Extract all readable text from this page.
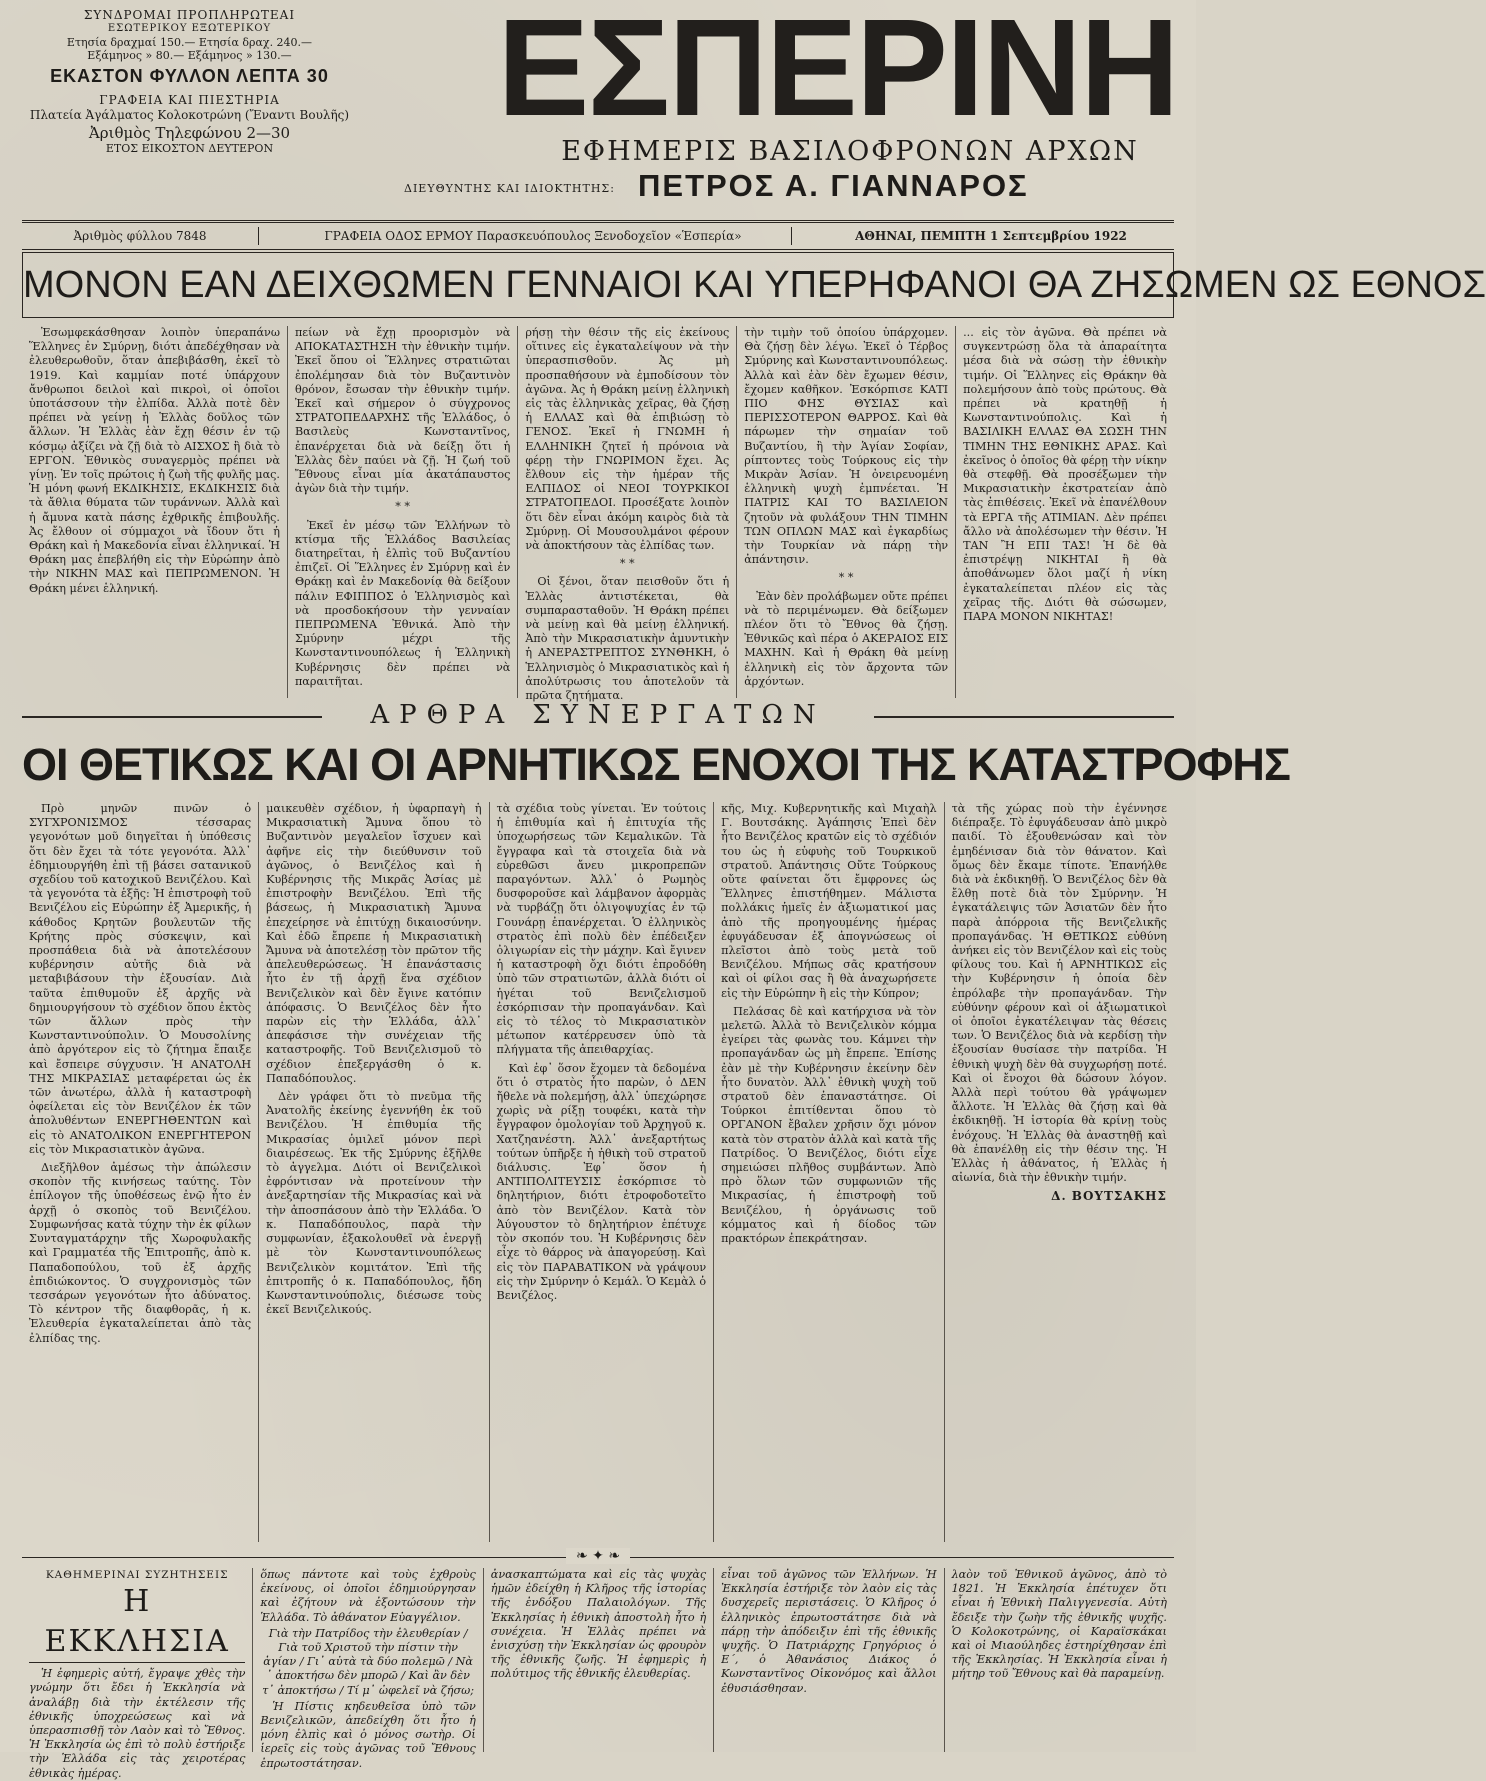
ΣΥΝΔΡΟΜΑΙ ΠΡΟΠΛΗΡΩΤΕΑΙ
ΕΣΩΤΕΡΙΚΟΥ ΕΞΩΤΕΡΙΚΟΥ
Ετησία δραχμαί 150.— Ετησία δραχ. 240.—
Εξάμηνος » 80.— Εξάμηνος » 130.—
ΕΚΑΣΤΟΝ ΦΥΛΛΟΝ ΛΕΠΤΑ 30
ΓΡΑΦΕΙΑ ΚΑΙ ΠΙΕΣΤΗΡΙΑ
Πλατεία Ἀγάλματος Κολοκοτρώνη (Ἔναντι Βουλῆς)
Ἀριθμὸς Τηλεφώνου 2—30
ΕΤΟΣ ΕΙΚΟΣΤΟΝ ΔΕΥΤΕΡΟΝ
ΕΣΠΕΡΙΝΗ
ΕΦΗΜΕΡΙΣ ΒΑΣΙΛΟΦΡΟΝΩΝ ΑΡΧΩΝ
ΔΙΕΥΘΥΝΤΗΣ ΚΑΙ ΙΔΙΟΚΤΗΤΗΣ: ΠΕΤΡΟΣ Α. ΓΙΑΝΝΑΡΟΣ
Ἀριθμὸς φύλλου 7848	ΓΡΑΦΕΙΑ ΟΔΟΣ ΕΡΜΟΥ Παρασκευόπουλος Ξενοδοχεῖον «Ἑσπερία»	ΑΘΗΝΑΙ, ΠΕΜΠΤΗ 1 Σεπτεμβρίου 1922
ΜΟΝΟΝ ΕΑΝ ΔΕΙΧΘΩΜΕΝ ΓΕΝΝΑΙΟΙ ΚΑΙ ΥΠΕΡΗΦΑΝΟΙ ΘΑ ΖΗΣΩΜΕΝ ΩΣ ΕΘΝΟΣ

Ἐσωμφεκάσθησαν λοιπὸν ὑπεραπάνω Ἕλληνες ἐν Σμύρνῃ, διότι ἀπεδέχθησαν νὰ ἐλευθερωθοῦν, ὅταν ἀπεβιβάσθη, ἐκεῖ τὸ 1919. Καὶ καμμίαν ποτέ ὑπάρχουν ἄνθρωποι δειλοὶ καὶ πικροὶ, οἱ ὁποῖοι ὑποτάσσουν τὴν ἐλπίδα. Ἀλλὰ ποτὲ δὲν πρέπει νὰ γείνῃ ἡ Ἑλλὰς δοῦλος τῶν ἄλλων. Ἡ Ἑλλὰς ἐὰν ἔχῃ θέσιν ἐν τῷ κόσμῳ ἀξίζει νὰ ζῇ διὰ τὸ ΑΙΣΧΟΣ ἢ διὰ τὸ ΕΡΓΟΝ. Ἐθνικὸς συναγερμὸς πρέπει νὰ γίνῃ. Ἐν τοῖς πρώτοις ἡ ζωὴ τῆς φυλῆς μας. Ἡ μόνη φωνή ΕΚΔΙΚΗΣΙΣ, ΕΚΔΙΚΗΣΙΣ διὰ τὰ ἄθλια θύματα τῶν τυράννων. Ἀλλὰ καὶ ἡ ἄμυνα κατὰ πάσης ἐχθρικῆς ἐπιβουλῆς. Ἀς ἔλθουν οἱ σύμμαχοι νὰ ἴδουν ὅτι ἡ Θράκη καὶ ἡ Μακεδονία εἶναι ἑλληνικαί. Ἡ Θράκη μας ἐπεβλήθη εἰς τὴν Εὐρώπην ἀπὸ τὴν ΝΙΚΗΝ ΜΑΣ καὶ ΠΕΠΡΩΜΕΝΟΝ. Ἡ Θράκη μένει ἑλληνική.

πείων νὰ ἔχῃ προορισμὸν νὰ ΑΠΟΚΑΤΑΣΤΗΣΗ τὴν ἐθνικὴν τιμήν. Ἐκεῖ ὅπου οἱ Ἕλληνες στρατιῶται ἐπολέμησαν διὰ τὸν Βυζαντινὸν θρόνον, ἔσωσαν τὴν ἐθνικὴν τιμήν. Ἐκεῖ καὶ σήμερον ὁ σύγχρονος ΣΤΡΑΤΟΠΕΔΑΡΧΗΣ τῆς Ἑλλάδος, ὁ Βασιλεὺς Κωνσταντῖνος, ἐπανέρχεται διὰ νὰ δείξῃ ὅτι ἡ Ἑλλὰς δὲν παύει νὰ ζῇ. Ἡ ζωή τοῦ Ἔθνους εἶναι μία ἀκατάπαυστος ἀγὼν διὰ τὴν τιμήν.

* *

Ἐκεῖ ἐν μέσῳ τῶν Ἑλλήνων τὸ κτίσμα τῆς Ἑλλάδος Βασιλείας διατηρεῖται, ἡ ἐλπὶς τοῦ Βυζαντίου ἐπιζεῖ. Οἱ Ἕλληνες ἐν Σμύρνῃ καὶ ἐν Θράκῃ καὶ ἐν Μακεδονίᾳ θὰ δείξουν πάλιν ΕΦΙΠΠΟΣ ὁ Ἑλληνισμὸς καὶ νὰ προσδοκήσουν τὴν γενναίαν ΠΕΠΡΩΜΕΝΑ Ἐθνικά. Ἀπὸ τὴν Σμύρνην μέχρι τῆς Κωνσταντινουπόλεως ἡ Ἑλληνικὴ Κυβέρνησις δὲν πρέπει νὰ παραιτῆται.

ρήσῃ τὴν θέσιν τῆς εἰς ἐκείνους οἵτινες εἰς ἐγκαταλείψουν νὰ τὴν ὑπερασπισθοῦν. Ἀς μὴ προσπαθήσουν νὰ ἐμποδίσουν τὸν ἀγῶνα. Ἀς ἡ Θράκη μείνῃ ἑλληνικὴ εἰς τὰς ἑλληνικὰς χεῖρας, θὰ ζήσῃ ἡ ΕΛΛΑΣ καὶ θὰ ἐπιβιώσῃ τὸ ΓΕΝΟΣ. Ἐκεῖ ἡ ΓΝΩΜΗ ἡ ΕΛΛΗΝΙΚΗ ζητεῖ ἡ πρόνοια νὰ φέρῃ τὴν ΓΝΩΡΙΜΟΝ ἔχει. Ἀς ἔλθουν εἰς τὴν ἡμέραν τῆς ΕΛΠΙΔΟΣ οἱ ΝΕΟΙ ΤΟΥΡΚΙΚΟΙ ΣΤΡΑΤΟΠΕΔΟΙ. Προσέξατε λοιπὸν ὅτι δὲν εἶναι ἀκόμη καιρὸς διὰ τὰ Σμύρνῃ. Οἱ Μουσουλμάνοι φέρουν νὰ ἀποκτήσουν τὰς ἐλπίδας των.

* *

Οἱ ξένοι, ὅταν πεισθοῦν ὅτι ἡ Ἑλλὰς ἀντιστέκεται, θὰ συμπαρασταθοῦν. Ἡ Θράκη πρέπει νὰ μείνῃ καὶ θὰ μείνῃ ἑλληνική. Ἀπὸ τὴν Μικρασιατικὴν ἀμυντικὴν ἡ ΑΝΕΡΑΣΤΡΕΠΤΟΣ ΣΥΝΘΗΚΗ, ὁ Ἑλληνισμὸς ὁ Μικρασιατικὸς καὶ ἡ ἀπολύτρωσις του ἀποτελοῦν τὰ πρῶτα ζητήματα.

τὴν τιμὴν τοῦ ὁποίου ὑπάρχομεν. Θὰ ζήσῃ δὲν λέγω. Ἐκεῖ ὁ Τέρβος Σμύρνης καὶ Κωνσταντινουπόλεως. Ἀλλὰ καὶ ἐὰν δὲν ἔχωμεν θέσιν, ἔχομεν καθῆκον. Ἐσκόρπισε ΚΑΤΙ ΠΙΟ ΦΗΣ ΘΥΣΙΑΣ καὶ ΠΕΡΙΣΣΟΤΕΡΟΝ ΘΑΡΡΟΣ. Καὶ θὰ πάρωμεν τὴν σημαίαν τοῦ Βυζαντίου, ἢ τὴν Ἁγίαν Σοφίαν, ρίπτοντες τοὺς Τούρκους εἰς τὴν Μικρὰν Ἀσίαν. Ἡ ὀνειρευομένη ἑλληνικὴ ψυχὴ ἐμπνέεται. Ἡ ΠΑΤΡΙΣ ΚΑΙ ΤΟ ΒΑΣΙΛΕΙΟΝ ζητοῦν νὰ φυλάξουν ΤΗΝ ΤΙΜΗΝ ΤΩΝ ΟΠΛΩΝ ΜΑΣ καὶ ἐγκαρδίως τὴν Τουρκίαν νὰ πάρῃ τὴν ἀπάντησιν.

* *

Ἐὰν δὲν προλάβωμεν οὔτε πρέπει νὰ τὸ περιμένωμεν. Θὰ δείξωμεν πλέον ὅτι τὸ Ἔθνος θὰ ζήσῃ. Ἐθνικῶς καὶ πέρα ὁ ΑΚΕΡΑΙΟΣ ΕΙΣ ΜΑΧΗΝ. Καὶ ἡ Θράκη θὰ μείνῃ ἑλληνικὴ εἰς τὸν ἄρχοντα τῶν ἀρχόντων.

... εἰς τὸν ἀγῶνα. Θὰ πρέπει νὰ συγκεντρώσῃ ὅλα τὰ ἀπαραίτητα μέσα διὰ νὰ σώσῃ τὴν ἐθνικὴν τιμήν. Οἱ Ἕλληνες εἰς Θράκην θὰ πολεμήσουν ἀπὸ τοὺς πρώτους. Θὰ πρέπει νὰ κρατηθῇ ἡ Κωνσταντινούπολις. Καὶ ἡ ΒΑΣΙΛΙΚΗ ΕΛΛΑΣ ΘΑ ΣΩΣΗ ΤΗΝ ΤΙΜΗΝ ΤΗΣ ΕΘΝΙΚΗΣ ΑΡΑΣ. Καὶ ἐκεῖνος ὁ ὁποῖος θὰ φέρῃ τὴν νίκην θὰ στεφθῇ. Θὰ προσέξωμεν τὴν Μικρασιατικὴν ἐκστρατείαν ἀπὸ τὰς ἐπιθέσεις. Ἐκεῖ νὰ ἐπανέλθουν τὰ ΕΡΓΑ τῆς ΑΤΙΜΙΑΝ. Δὲν πρέπει ἄλλο νὰ ἀπολέσωμεν τὴν θέσιν. Ἡ ΤΑΝ Ἢ ΕΠΙ ΤΑΣ! Ἡ δὲ θὰ ἐπιστρέψῃ ΝΙΚΗΤΑΙ ἢ θὰ ἀποθάνωμεν ὅλοι μαζί ἡ νίκη ἐγκαταλείπεται πλέον εἰς τὰς χεῖρας τῆς. Διότι θὰ σώσωμεν, ΠΑΡΑ ΜΟΝΟΝ ΝΙΚΗΤΑΣ!

ΑΡΘΡΑ ΣΥΝΕΡΓΑΤΩΝ
ΟΙ ΘΕΤΙΚΩΣ ΚΑΙ ΟΙ ΑΡΝΗΤΙΚΩΣ ΕΝΟΧΟΙ ΤΗΣ ΚΑΤΑΣΤΡΟΦΗΣ

Πρὸ μηνῶν πινῶν ὁ ΣΥΓΧΡΟΝΙΣΜΟΣ τέσσαρας γεγονότων μοῦ διηγεῖται ἡ ὑπόθεσις ὅτι δὲν ἔχει τὰ τότε γεγονότα. Ἀλλ᾽ ἐδημιουργήθη ἐπὶ τῇ βάσει σατανικοῦ σχεδίου τοῦ κατοχικοῦ Βενιζέλου. Καὶ τὰ γεγονότα τὰ ἑξῆς: Ἡ ἐπιστροφὴ τοῦ Βενιζέλου εἰς Εὐρώπην ἐξ Ἀμερικῆς, ἡ κάθοδος Κρητῶν βουλευτῶν τῆς Κρήτης πρὸς σύσκεψιν, καὶ προσπάθεια διὰ νὰ ἀποτελέσουν κυβέρνησιν αὐτῆς διὰ νὰ μεταβιβάσουν τὴν ἐξουσίαν. Διὰ ταῦτα ἐπιθυμοῦν ἐξ ἀρχῆς νὰ δημιουργήσουν τὸ σχέδιον ὅπου ἐκτὸς τῶν ἄλλων πρὸς τὴν Κωνσταντινούπολιν. Ὁ Μουσολίνης ἀπὸ ἀργότερον εἰς τὸ ζήτημα ἔπαιξε καὶ ἔσπειρε σύγχυσιν. Ἡ ΑΝΑΤΟΛΗ ΤΗΣ ΜΙΚΡΑΣΙΑΣ μεταφέρεται ὡς ἐκ τῶν ἀνωτέρω, ἀλλὰ ἡ καταστροφὴ ὀφείλεται εἰς τὸν Βενιζέλον ἐκ τῶν ἀπολυθέντων ΕΝΕΡΓΗΘΕΝΤΩΝ καὶ εἰς τὸ ΑΝΑΤΟΛΙΚΟΝ ΕΝΕΡΓΗΤΕΡΟΝ εἰς τὸν Μικρασιατικὸν ἀγῶνα.

Διεξῆλθον ἀμέσως τὴν ἀπώλεσιν σκοπὸν τῆς κινήσεως ταύτης. Τὸν ἐπίλογον τῆς ὑποθέσεως ἐνῷ ἦτο ἐν ἀρχῇ ὁ σκοπὸς τοῦ Βενιζέλου. Συμφωνήσας κατὰ τύχην τὴν ἐκ φίλων Συνταγματάρχην τῆς Χωροφυλακῆς καὶ Γραμματέα τῆς Ἐπιτροπῆς, ἀπὸ κ. Παπαδοπούλου, τοῦ ἐξ ἀρχῆς ἐπιδιώκοντος. Ὁ συγχρονισμὸς τῶν τεσσάρων γεγονότων ἦτο ἀδύνατος. Τὸ κέντρον τῆς διαφθορᾶς, ἡ κ. Ἐλευθερία ἐγκαταλείπεται ἀπὸ τὰς ἐλπίδας της.

μαικευθὲν σχέδιον, ἡ ὑφαρπαγὴ ἡ Μικρασιατικὴ Ἄμυνα ὅπου τὸ Βυζαντινὸν μεγαλεῖον ἴσχυεν καὶ ἀφῆνε εἰς τὴν διεύθυνσιν τοῦ ἀγῶνος, ὁ Βενιζέλος καὶ ἡ Κυβέρνησις τῆς Μικρᾶς Ἀσίας μὲ ἐπιστροφὴν Βενιζέλου. Ἐπὶ τῆς βάσεως, ἡ Μικρασιατικὴ Ἄμυνα ἐπεχείρησε νὰ ἐπιτύχῃ δικαιοσύνην. Καὶ ἐδῶ ἔπρεπε ἡ Μικρασιατικὴ Ἄμυνα νὰ ἀποτελέσῃ τὸν πρῶτον τῆς ἀπελευθερώσεως. Ἡ ἐπανάστασις ἦτο ἐν τῇ ἀρχῇ ἕνα σχέδιον Βενιζελικὸν καὶ δὲν ἔγινε κατόπιν ἀπόφασις. Ὁ Βενιζέλος δὲν ἦτο παρὼν εἰς τὴν Ἑλλάδα, ἀλλ᾽ ἀπεφάσισε τὴν συνέχειαν τῆς καταστροφῆς. Τοῦ Βενιζελισμοῦ τὸ σχέδιον ἐπεξεργάσθη ὁ κ. Παπαδόπουλος.

Δὲν γράφει ὅτι τὸ πνεῦμα τῆς Ἀνατολῆς ἐκείνης ἐγεννήθη ἐκ τοῦ Βενιζέλου. Ἡ ἐπιθυμία τῆς Μικρασίας ὁμιλεῖ μόνον περὶ διαιρέσεως. Ἐκ τῆς Σμύρνης ἐξῆλθε τὸ ἀγγελμα. Διότι οἱ Βενιζελικοὶ ἐφρόντισαν νὰ προτείνουν τὴν ἀνεξαρτησίαν τῆς Μικρασίας καὶ νὰ τὴν ἀποσπάσουν ἀπὸ τὴν Ἑλλάδα. Ὁ κ. Παπαδόπουλος, παρὰ τὴν συμφωνίαν, ἐξακολουθεῖ νὰ ἐνεργῇ μὲ τὸν Κωνσταντινουπόλεως Βενιζελικὸν κομιτάτον. Ἐπὶ τῆς ἐπιτροπῆς ὁ κ. Παπαδόπουλος, ἤδη Κωνσταντινούπολις, διέσωσε τοὺς ἐκεῖ Βενιζελικούς.

τὰ σχέδια τοὺς γίνεται. Ἐν τούτοις ἡ ἐπιθυμία καὶ ἡ ἐπιτυχία τῆς ὑποχωρήσεως τῶν Κεμαλικῶν. Τὰ ἔγγραφα καὶ τὰ στοιχεῖα διὰ νὰ εὑρεθῶσι ἄνευ μικροπρεπῶν παραγόντων. Ἀλλ᾽ ὁ Ρωμηὸς δυσφοροῦσε καὶ λάμβανον ἀφορμὰς νὰ τυρβάζῃ ὅτι ὀλιγοψυχίας ἐν τῷ Γουνάρῃ ἐπανέρχεται. Ὁ ἐλληνικὸς στρατὸς ἐπὶ πολὺ δὲν ἐπέδειξεν ὀλιγωρίαν εἰς τὴν μάχην. Καὶ ἔγινεν ἡ καταστροφὴ ὄχι διότι ἐπροδόθη ὑπὸ τῶν στρατιωτῶν, ἀλλὰ διότι οἱ ἡγέται τοῦ Βενιζελισμοῦ ἐσκόρπισαν τὴν προπαγάνδαν. Καὶ εἰς τὸ τέλος τὸ Μικρασιατικὸν μέτωπον κατέρρευσεν ὑπὸ τὰ πλήγματα τῆς ἀπειθαρχίας.

Καὶ ἐφ᾽ ὅσον ἔχομεν τὰ δεδομένα ὅτι ὁ στρατὸς ἦτο παρὼν, ὁ ΔΕΝ ἤθελε νὰ πολεμήσῃ, ἀλλ᾽ ὑπεχώρησε χωρὶς νὰ ρίξῃ τουφέκι, κατὰ τὴν ἔγγραφον ὁμολογίαν τοῦ Ἀρχηγοῦ κ. Χατζηανέστη. Ἀλλ᾽ ἀνεξαρτήτως τούτων ὑπῆρξε ἡ ἠθικὴ τοῦ στρατοῦ διάλυσις. Ἐφ᾽ ὅσον ἡ ΑΝΤΙΠΟΛΙΤΕΥΣΙΣ ἐσκόρπισε τὸ δηλητήριον, διότι ἐτροφοδοτεῖτο ἀπὸ τὸν Βενιζέλον. Κατὰ τὸν Ἀύγουστον τὸ δηλητήριον ἐπέτυχε τὸν σκοπόν του. Ἡ Κυβέρνησις δὲν εἶχε τὸ θάρρος νὰ ἀπαγορεύσῃ. Καὶ εἰς τὸν ΠΑΡΑΒΑΤΙΚΟΝ νὰ γράψουν εἰς τὴν Σμύρνην ὁ Κεμάλ. Ὁ Κεμὰλ ὁ Βενιζέλος.

κῆς, Μιχ. Κυβερνητικῆς καὶ Μιχαὴλ Γ. Βουτσάκης. Ἀγάπησις Ἐπεὶ δὲν ἦτο Βενιζέλος κρατῶν εἰς τὸ σχέδιόν του ὡς ἡ εὐφυὴς τοῦ Τουρκικοῦ στρατοῦ. Ἀπάντησις Οὔτε Τούρκους οὔτε φαίνεται ὅτι ἔμφρονες ὡς Ἕλληνες ἐπιστήθημεν. Μάλιστα πολλάκις ἡμεῖς ἐν ἀξιωματικοί μας ἀπὸ τῆς προηγουμένης ἡμέρας ἐφυγάδευσαν ἐξ ἀπογνώσεως οἱ πλεῖστοι ἀπὸ τοὺς μετὰ τοῦ Βενιζέλου. Μήπως σᾶς κρατήσουν καὶ οἱ φίλοι σας ἢ θὰ ἀναχωρήσετε εἰς τὴν Εὐρώπην ἢ εἰς τὴν Κύπρον;

Πελάσας δὲ καὶ κατήρχισα νὰ τὸν μελετῶ. Ἀλλὰ τὸ Βενιζελικὸν κόμμα ἐγείρει τὰς φωνὰς του. Κάμνει τὴν προπαγάνδαν ὡς μὴ ἔπρεπε. Ἐπίσης ἐὰν μὲ τὴν Κυβέρνησιν ἐκείνην δὲν ἦτο δυνατὸν. Ἀλλ᾽ ἐθνικὴ ψυχὴ τοῦ στρατοῦ δὲν ἐπαναστάτησε. Οἱ Τούρκοι ἐπιτίθενται ὅπου τὸ ΟΡΓΑΝΟΝ ἔβαλεν χρῆσιν ὅχι μόνον κατὰ τὸν στρατὸν ἀλλὰ καὶ κατὰ τῆς Πατρίδος. Ὁ Βενιζέλος, διότι εἶχε σημειώσει πλῆθος συμβάντων. Ἀπὸ πρὸ ὅλων τῶν συμφωνιῶν τῆς Μικρασίας, ἡ ἐπιστροφὴ τοῦ Βενιζέλου, ἡ ὀργάνωσις τοῦ κόμματος καὶ ἡ δίοδος τῶν πρακτόρων ἐπεκράτησαν.

τὰ τῆς χώρας ποὺ τὴν ἐγέννησε διέπραξε. Τὸ ἐφυγάδευσαν ἀπὸ μικρὸ παιδί. Τὸ ἐξουθενώσαν καὶ τὸν ἐμηδένισαν διὰ τὸν θάνατον. Καὶ ὅμως δὲν ἔκαμε τίποτε. Ἐπανήλθε διὰ νὰ ἐκδικηθῇ. Ὁ Βενιζέλος δὲν θὰ ἔλθῃ ποτὲ διὰ τὸν Σμύρνην. Ἡ ἐγκατάλειψις τῶν Ἀσιατῶν δὲν ἦτο παρὰ ἀπόρροια τῆς Βενιζελικῆς προπαγάνδας. Ἡ ΘΕΤΙΚΩΣ εὐθύνη ἀνήκει εἰς τὸν Βενιζέλον καὶ εἰς τοὺς φίλους του. Καὶ ἡ ΑΡΝΗΤΙΚΩΣ εἰς τὴν Κυβέρνησιν ἡ ὁποία δὲν ἐπρόλαβε τὴν προπαγάνδαν. Τὴν εὐθύνην φέρουν καὶ οἱ ἀξιωματικοὶ οἱ ὁποῖοι ἐγκατέλειψαν τὰς θέσεις των. Ὁ Βενιζέλος διὰ νὰ κερδίσῃ τὴν ἐξουσίαν θυσίασε τὴν πατρίδα. Ἡ ἐθνικὴ ψυχὴ δὲν θὰ συγχωρήσῃ ποτέ. Καὶ οἱ ἔνοχοι θὰ δώσουν λόγον. Ἀλλὰ περὶ τούτου θὰ γράψωμεν ἄλλοτε. Ἡ Ἑλλὰς θὰ ζήσῃ καὶ θὰ ἐκδικηθῇ. Ἡ ἱστορία θὰ κρίνῃ τοὺς ἐνόχους. Ἡ Ἑλλὰς θὰ ἀναστηθῇ καὶ θὰ ἐπανέλθῃ εἰς τὴν θέσιν της. Ἡ Ἑλλὰς ἡ ἀθάνατος, ἡ Ἑλλὰς ἡ αἰωνία, διὰ τὴν ἐθνικὴν τιμήν.

Δ. ΒΟΥΤΣΑΚΗΣ
❧ ✦ ❧
ΚΑΘΗΜΕΡΙΝΑΙ ΣΥΖΗΤΗΣΕΙΣ
Η ΕΚΚΛΗΣΙΑ

Ἡ ἐφημερὶς αὐτή, ἔγραψε χθὲς τὴν γνώμην ὅτι ἔδει ἡ Ἐκκλησία νὰ ἀναλάβῃ διὰ τὴν ἐκτέλεσιν τῆς ἐθνικῆς ὑποχρεώσεως καὶ νὰ ὑπερασπισθῇ τὸν Λαὸν καὶ τὸ Ἔθνος. Ἡ Ἐκκλησία ὡς ἐπὶ τὸ πολὺ ἐστήριξε τὴν Ἑλλάδα εἰς τὰς χειροτέρας ἐθνικὰς ἡμέρας.

ὅπως πάντοτε καὶ τοὺς ἐχθροὺς ἐκείνους, οἱ ὁποῖοι ἐδημιούργησαν καὶ ἐζήτουν νὰ ἐξοντώσουν τὴν Ἑλλάδα. Τὸ ἀθάνατον Εὐαγγέλιον.

Γιὰ τὴν Πατρίδος τὴν ἐλευθερίαν / Γιὰ τοῦ Χριστοῦ τὴν πίστιν τὴν ἁγίαν / Γι᾽ αὐτὰ τὰ δύο πολεμῶ / Νὰ ᾽ ἀποκτήσω δὲν μπορῶ / Καὶ ἂν δὲν τ᾽ ἀποκτήσω / Τί μ᾽ ὠφελεῖ νὰ ζήσω;

Ἡ Πίστις κηδευθεῖσα ὑπὸ τῶν Βενιζελικῶν, ἀπεδείχθη ὅτι ἦτο ἡ μόνη ἐλπὶς καὶ ὁ μόνος σωτὴρ. Οἱ ἱερεῖς εἰς τοὺς ἀγῶνας τοῦ Ἔθνους ἐπρωτοστάτησαν.

ἀνασκαπτώματα καὶ εἰς τὰς ψυχὰς ἡμῶν ἐδείχθη ἡ Κλῆρος τῆς ἱστορίας τῆς ἐνδόξου Παλαιολόγων. Τῆς Ἐκκλησίας ἡ ἐθνικὴ ἀποστολὴ ἦτο ἡ συνέχεια. Ἡ Ἑλλὰς πρέπει νὰ ἐνισχύσῃ τὴν Ἐκκλησίαν ὡς φρουρὸν τῆς ἐθνικῆς ζωῆς. Ἡ ἐφημερὶς ἡ πολύτιμος τῆς ἐθνικῆς ἐλευθερίας.

εἶναι τοῦ ἀγῶνος τῶν Ἑλλήνων. Ἡ Ἐκκλησία ἐστήριξε τὸν λαὸν εἰς τὰς δυσχερεῖς περιστάσεις. Ὁ Κλῆρος ὁ ἑλληνικὸς ἐπρωτοστάτησε διὰ νὰ πάρῃ τὴν ἀπόδειξιν ἐπὶ τῆς ἐθνικῆς ψυχῆς. Ὁ Πατριάρχης Γρηγόριος ὁ Ε΄, ὁ Ἀθανάσιος Διάκος ὁ Κωνσταντῖνος Οἰκονόμος καὶ ἄλλοι ἐθυσιάσθησαν.

λαὸν τοῦ Ἐθνικοῦ ἀγῶνος, ἀπὸ τὸ 1821. Ἡ Ἐκκλησία ἐπέτυχεν ὅτι εἶναι ἡ Ἐθνικὴ Παλιγγενεσία. Αὐτὴ ἔδειξε τὴν ζωὴν τῆς ἐθνικῆς ψυχῆς. Ὁ Κολοκοτρώνης, οἱ Καραϊσκάκαι καὶ οἱ Μιαούληδες ἐστηρίχθησαν ἐπὶ τῆς Ἐκκλησίας. Ἡ Ἐκκλησία εἶναι ἡ μήτηρ τοῦ Ἔθνους καὶ θὰ παραμείνῃ.
